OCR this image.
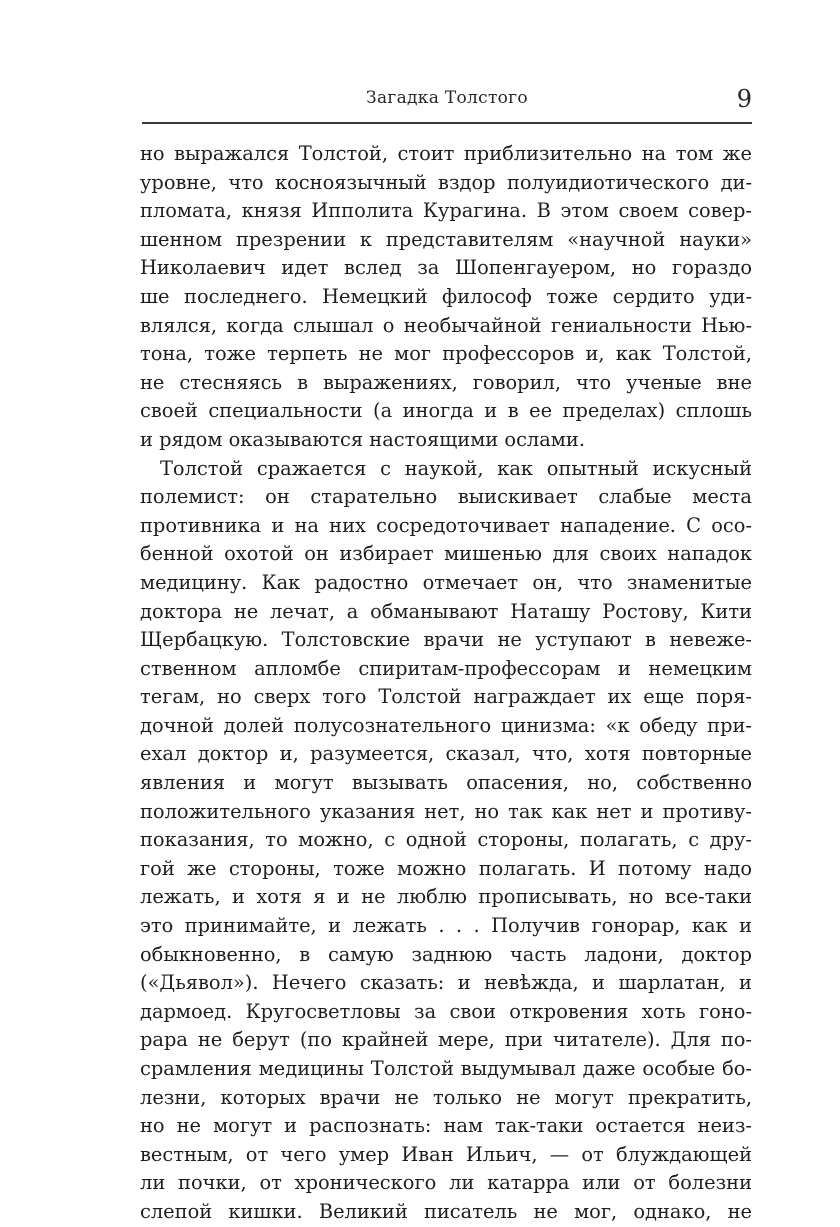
Загадка Толстого	9
но выражался Толстой, стоит приблизительно на том же
уровне, что косноязычный вздор полуидиотического ди-
пломата, князя Ипполита Курагина. В этом своем совер-
шенном презрении к представителям «научной науки»
Николаевич идет вслед за Шопенгауером, но гораздо
ше последнего. Немецкий философ тоже сердито уди-
влялся, когда слышал о необычайной гениальности Нью-
тона, тоже терпеть не мог профессоров и, как Толстой,
не стесняясь в выражениях, говорил, что ученые вне
своей специальности (а иногда и в ее пределах) сплошь
и рядом оказываются настоящими ослами.
Толстой сражается с наукой, как опытный искусный
полемист: он старательно выискивает слабые места
противника и на них сосредоточивает нападение. С осо-
бенной охотой он избирает мишенью для своих нападок
медицину. Как радостно отмечает он, что знаменитые
доктора не лечат, а обманывают Наташу Ростову, Кити
Щербацкую. Толстовские врачи не уступают в невеже-
ственном апломбе спиритам-профессорам и немецким
тегам, но сверх того Толстой награждает их еще поря-
дочной долей полусознательного цинизма: «к обеду при-
ехал доктор и, разумеется, сказал, что, хотя повторные
явления и могут вызывать опасения, но, собственно
положительного указания нет, но так как нет и противу-
показания, то можно, с одной стороны, полагать, с дру-
гой же стороны, тоже можно полагать. И потому надо
лежать, и хотя я и не люблю прописывать, но все-таки
это принимайте, и лежать . . . Получив гонорар, как и
обыкновенно, в самую заднюю часть ладони, доктор
(«Дьявол»). Нечего сказать: и невѣжда, и шарлатан, и
дармоед. Кругосветловы за свои откровения хоть гоно-
рара не берут (по крайней мере, при читателе). Для по-
срамления медицины Толстой выдумывал даже особые бо-
лезни, которых врачи не только не могут прекратить,
но не могут и распознать: нам так-таки остается неиз-
вестным, от чего умер Иван Ильич, — от блуждающей
ли почки, от хронического ли катарра или от болезни
слепой кишки. Великий писатель не мог, однако, не
